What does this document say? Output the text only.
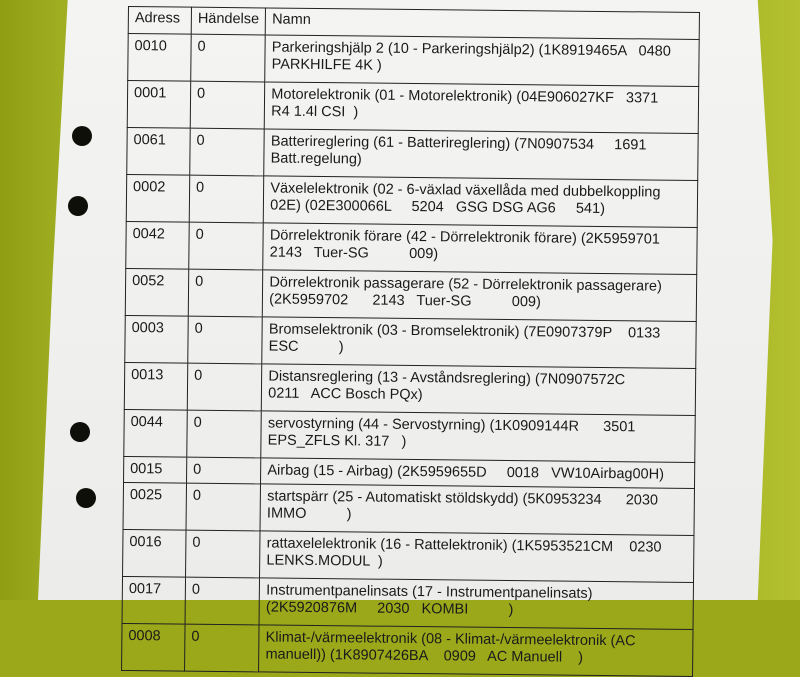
Adress	Händelse	Namn
0010	0	Parkeringshjälp 2 (10 - Parkeringshjälp2) (1K8919465A   0480
PARKHILFE 4K )

0001	0	Motorelektronik (01 - Motorelektronik) (04E906027KF   3371
R4 1.4l CSI  )

0061	0	Batterireglering (61 - Batterireglering) (7N0907534     1691
Batt.regelung)

0002	0	Växelelektronik (02 - 6-växlad växellåda med dubbelkoppling
02E) (02E300066L     5204   GSG DSG AG6     541)

0042	0	Dörrelektronik förare (42 - Dörrelektronik förare) (2K5959701
2143   Tuer-SG          009)

0052	0	Dörrelektronik passagerare (52 - Dörrelektronik passagerare)
(2K5959702      2143   Tuer-SG          009)

0003	0	Bromselektronik (03 - Bromselektronik) (7E0907379P    0133
ESC          )

0013	0	Distansreglering (13 - Avståndsreglering) (7N0907572C
0211   ACC Bosch PQx)

0044	0	servostyrning (44 - Servostyrning) (1K0909144R      3501
EPS_ZFLS Kl. 317   )

0015	0	Airbag (15 - Airbag) (2K5959655D     0018   VW10Airbag00H)

0025	0	startspärr (25 - Automatiskt stöldskydd) (5K0953234      2030
IMMO          )

0016	0	rattaxelelektronik (16 - Rattelektronik) (1K5953521CM    0230
LENKS.MODUL  )

0017	0	Instrumentpanelinsats (17 - Instrumentpanelinsats)
(2K5920876M     2030   KOMBI          )

0008	0	Klimat-/värmeelektronik (08 - Klimat-/värmeelektronik (AC
manuell)) (1K8907426BA    0909   AC Manuell    )
